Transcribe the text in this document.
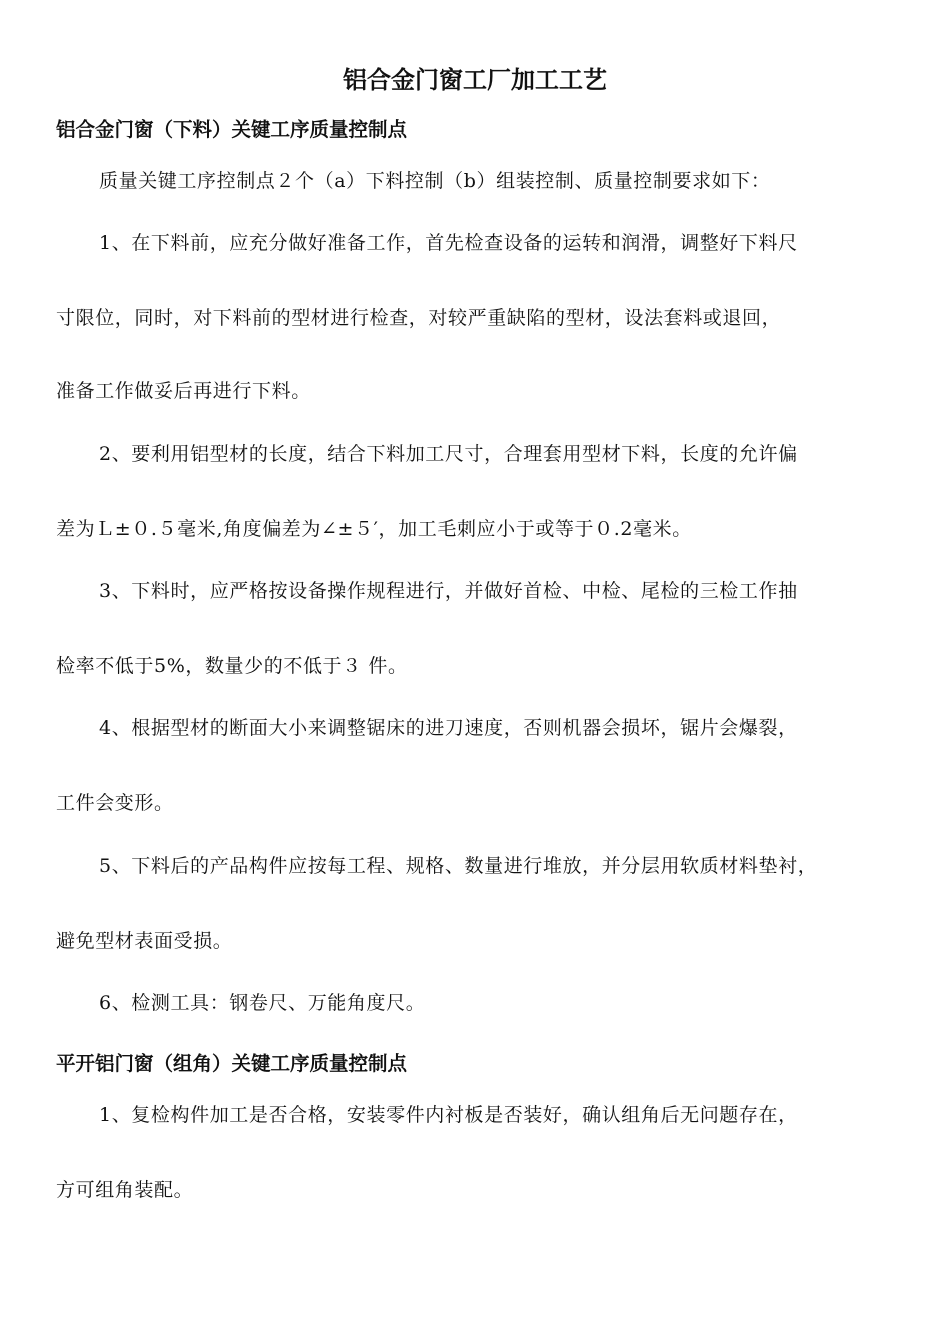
铝合金门窗工厂加工工艺
铝合金门窗（下料）关键工序质量控制点

质量关键工序控制点２个（a）下料控制（b）组装控制、质量控制要求如下：

1、在下料前，应充分做好准备工作，首先检查设备的运转和润滑，调整好下料尺

寸限位，同时，对下料前的型材进行检查，对较严重缺陷的型材，设法套料或退回，

准备工作做妥后再进行下料。

2、要利用铝型材的长度，结合下料加工尺寸，合理套用型材下料，长度的允许偏

差为Ｌ±０.５毫米,角度偏差为∠±５′，加工毛刺应小于或等于０.2毫米。

3、下料时，应严格按设备操作规程进行，并做好首检、中检、尾检的三检工作抽

检率不低于5%，数量少的不低于３ 件。

4、根据型材的断面大小来调整锯床的进刀速度，否则机器会损坏，锯片会爆裂，

工件会变形。

5、下料后的产品构件应按每工程、规格、数量进行堆放，并分层用软质材料垫衬，

避免型材表面受损。

6、检测工具：钢卷尺、万能角度尺。

平开铝门窗（组角）关键工序质量控制点

1、复检构件加工是否合格，安装零件内衬板是否装好，确认组角后无问题存在，

方可组角装配。
